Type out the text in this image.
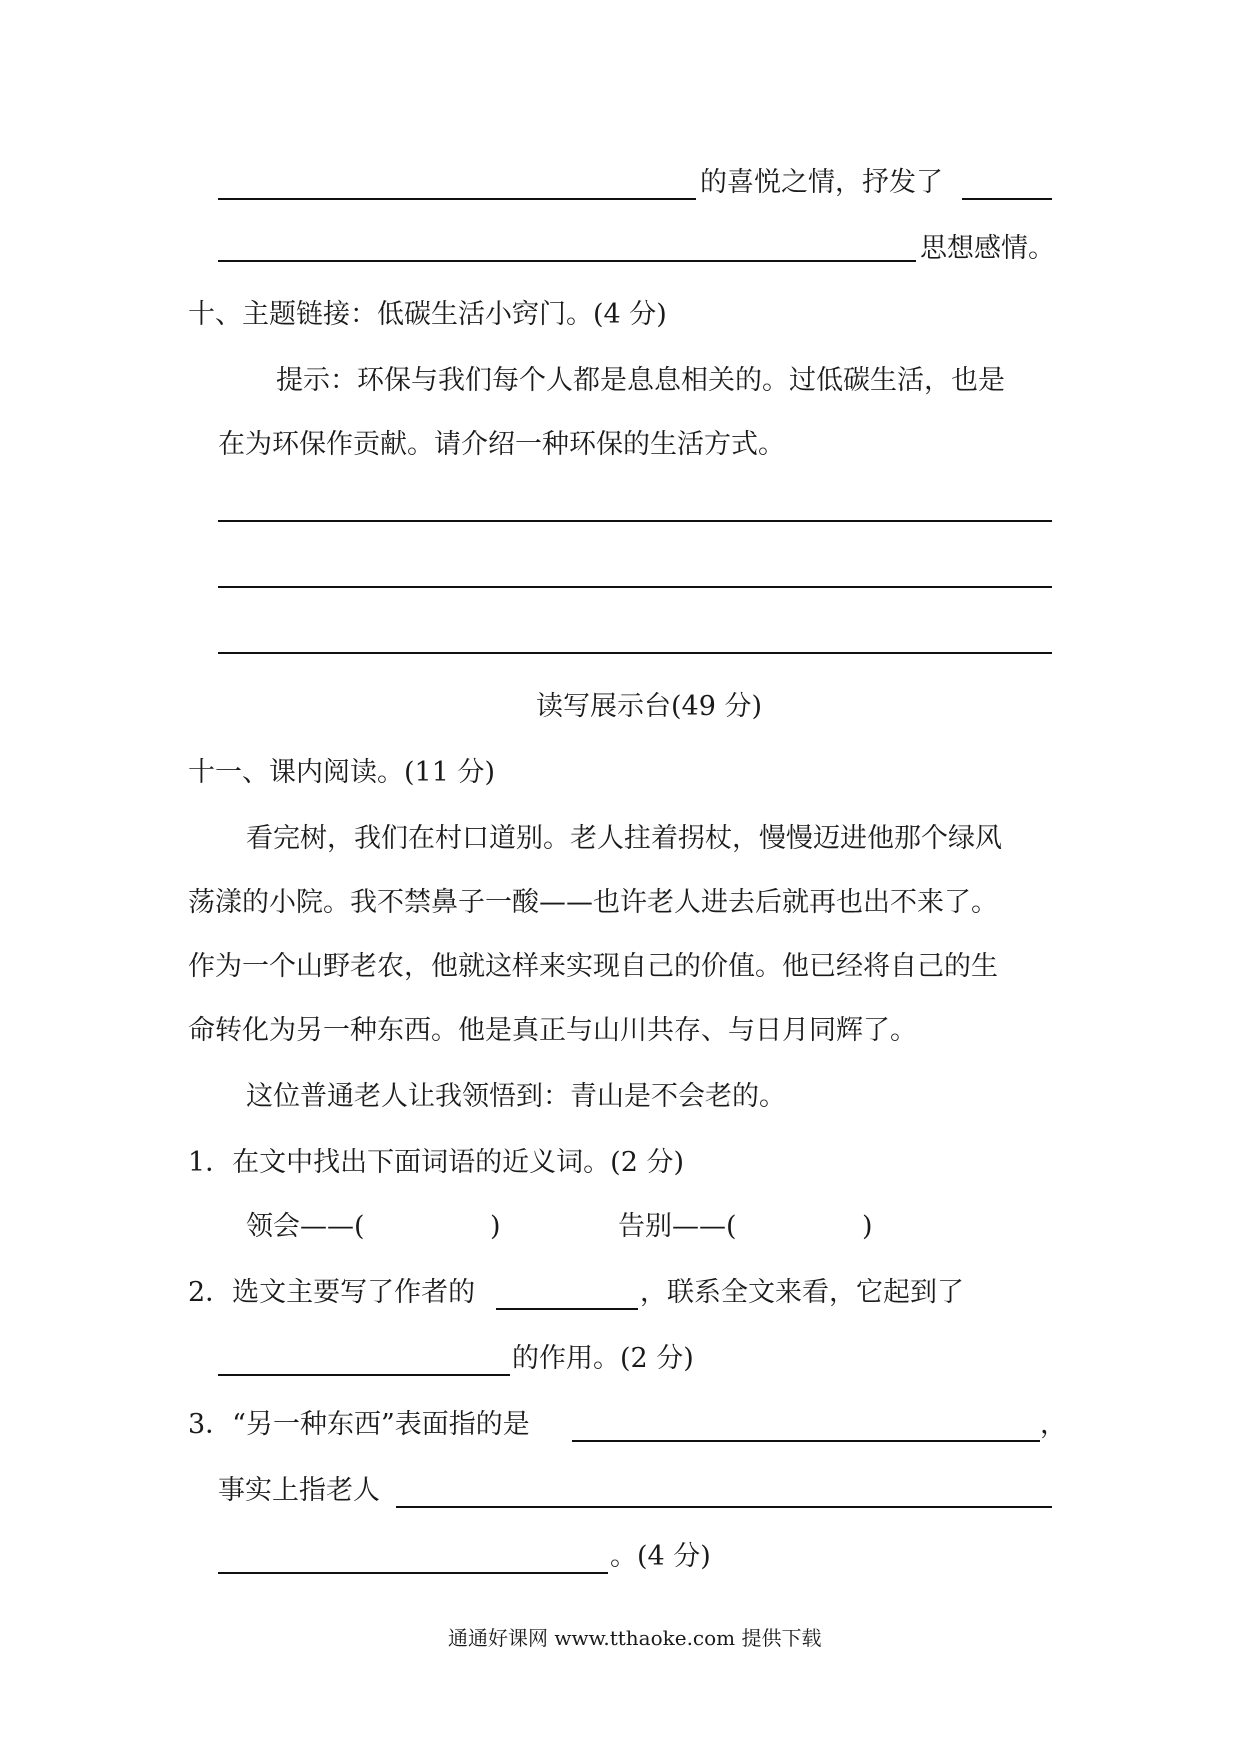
的喜悦之情，抒发了
思想感情。
十、主题链接：低碳生活小窍门。(4 分)
提示：环保与我们每个人都是息息相关的。过低碳生活，也是
在为环保作贡献。请介绍一种环保的生活方式。
读写展示台(49 分)
十一、课内阅读。(11 分)
看完树，我们在村口道别。老人拄着拐杖，慢慢迈进他那个绿风
荡漾的小院。我不禁鼻子一酸——也许老人进去后就再也出不来了。
作为一个山野老农，他就这样来实现自己的价值。他已经将自己的生
命转化为另一种东西。他是真正与山川共存、与日月同辉了。
这位普通老人让我领悟到：青山是不会老的。
1．在文中找出下面词语的近义词。(2 分)
领会——(	)	告别——(	)
2．选文主要写了作者的	，联系全文来看，它起到了
的作用。(2 分)
3．“另一种东西”表面指的是	，
事实上指老人
。(4 分)
通通好课网 www.tthaoke.com 提供下载
